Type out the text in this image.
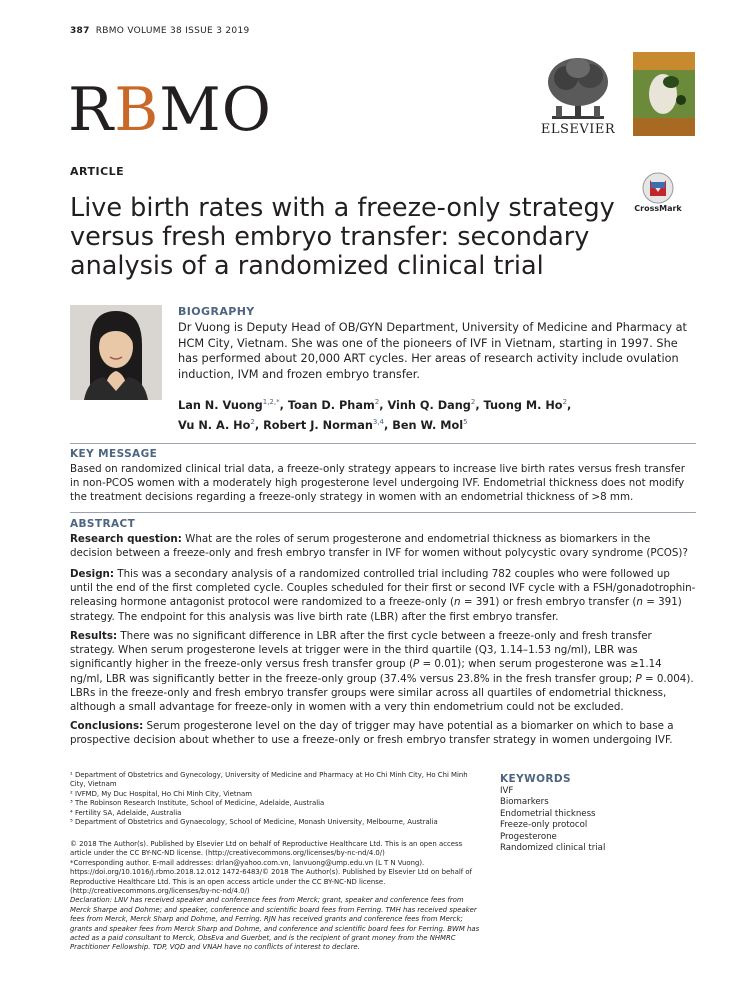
387 RBMO VOLUME 38 ISSUE 3 2019
RBMO	ELSEVIER
CrossMark
ARTICLE
Live birth rates with a freeze-only strategy versus fresh embryo transfer: secondary analysis of a randomized clinical trial
BIOGRAPHY
Dr Vuong is Deputy Head of OB/GYN Department, University of Medicine and Pharmacy at HCM City, Vietnam. She was one of the pioneers of IVF in Vietnam, starting in 1997. She has performed about 20,000 ART cycles. Her areas of research activity include ovulation induction, IVM and frozen embryo transfer.
Lan N. Vuong$^{1,2,*}$, Toan D. Pham$^2$, Vinh Q. Dang$^2$, Tuong M. Ho$^2$,
Vu N. A. Ho$^2$, Robert J. Norman$^{3,4}$, Ben W. Mol$^5$
KEY MESSAGE
Based on randomized clinical trial data, a freeze-only strategy appears to increase live birth rates versus fresh transfer in non-PCOS women with a moderately high progesterone level undergoing IVF. Endometrial thickness does not modify the treatment decisions regarding a freeze-only strategy in women with an endometrial thickness of >8 mm.
ABSTRACT

Research question: What are the roles of serum progesterone and endometrial thickness as biomarkers in the decision between a freeze-only and fresh embryo transfer in IVF for women without polycystic ovary syndrome (PCOS)?

Design: This was a secondary analysis of a randomized controlled trial including 782 couples who were followed up until the end of the first completed cycle. Couples scheduled for their first or second IVF cycle with a FSH/gonadotrophin-releasing hormone antagonist protocol were randomized to a freeze-only (n = 391) or fresh embryo transfer (n = 391) strategy. The endpoint for this analysis was live birth rate (LBR) after the first embryo transfer.

Results: There was no significant difference in LBR after the first cycle between a freeze-only and fresh transfer strategy. When serum progesterone levels at trigger were in the third quartile (Q3, 1.14–1.53 ng/ml), LBR was significantly higher in the freeze-only versus fresh transfer group (P = 0.01); when serum progesterone was ≥1.14 ng/ml, LBR was significantly better in the freeze-only group (37.4% versus 23.8% in the fresh transfer group; P = 0.004). LBRs in the freeze-only and fresh embryo transfer groups were similar across all quartiles of endometrial thickness, although a small advantage for freeze-only in women with a very thin endometrium could not be excluded.

Conclusions: Serum progesterone level on the day of trigger may have potential as a biomarker on which to base a prospective decision about whether to use a freeze-only or fresh embryo transfer strategy in women undergoing IVF.

¹ Department of Obstetrics and Gynecology, University of Medicine and Pharmacy at Ho Chi Minh City, Ho Chi Minh City, Vietnam
² IVFMD, My Duc Hospital, Ho Chi Minh City, Vietnam
³ The Robinson Research Institute, School of Medicine, Adelaide, Australia
⁴ Fertility SA, Adelaide, Australia
⁵ Department of Obstetrics and Gynaecology, School of Medicine, Monash University, Melbourne, Australia
© 2018 The Author(s). Published by Elsevier Ltd on behalf of Reproductive Healthcare Ltd. This is an open access article under the CC BY-NC-ND license. (http://creativecommons.org/licenses/by-nc-nd/4.0/)
*Corresponding author. E-mail addresses: drlan@yahoo.com.vn, lanvuong@ump.edu.vn (L T N Vuong). https://doi.org/10.1016/j.rbmo.2018.12.012 1472-6483/© 2018 The Author(s). Published by Elsevier Ltd on behalf of Reproductive Healthcare Ltd. This is an open access article under the CC BY-NC-ND license. (http://creativecommons.org/licenses/by-nc-nd/4.0/)
Declaration: LNV has received speaker and conference fees from Merck; grant, speaker and conference fees from Merck Sharpe and Dohme; and speaker, conference and scientific board fees from Ferring. TMH has received speaker fees from Merck, Merck Sharp and Dohme, and Ferring. RJN has received grants and conference fees from Merck; grants and speaker fees from Merck Sharp and Dohme, and conference and scientific board fees for Ferring. BWM has acted as a paid consultant to Merck, ObsEva and Guerbet, and is the recipient of grant money from the NHMRC Practitioner Fellowship. TDP, VQD and VNAH have no conflicts of interest to declare.
KEYWORDS
IVF
Biomarkers
Endometrial thickness
Freeze-only protocol
Progesterone
Randomized clinical trial
